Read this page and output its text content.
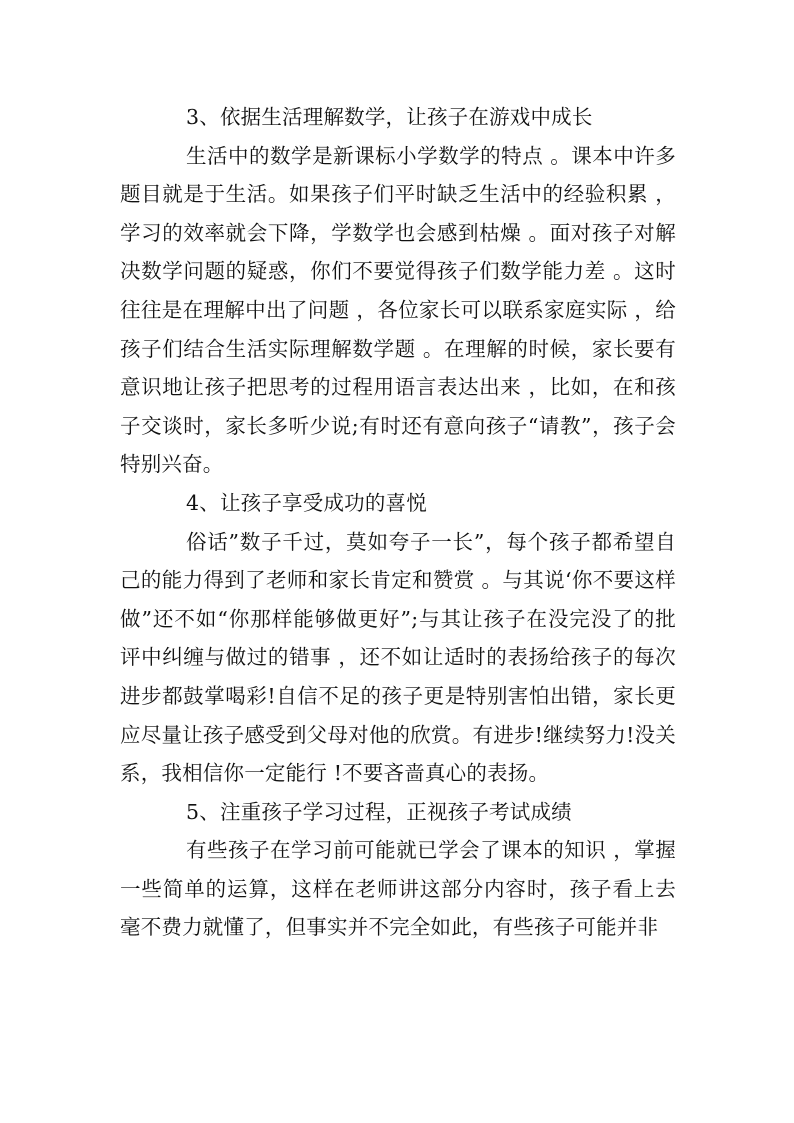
3、依据生活理解数学，让孩子在游戏中成长

生活中的数学是新课标小学数学的特点 。课本中许多题目就是于生活。如果孩子们平时缺乏生活中的经验积累 ，学习的效率就会下降，学数学也会感到枯燥 。面对孩子对解决数学问题的疑惑，你们不要觉得孩子们数学能力差 。这时往往是在理解中出了问题 ，各位家长可以联系家庭实际 ，给孩子们结合生活实际理解数学题 。在理解的时候，家长要有意识地让孩子把思考的过程用语言表达出来 ，比如，在和孩子交谈时，家长多听少说;有时还有意向孩子“请教”，孩子会特别兴奋。

4、让孩子享受成功的喜悦

俗话”数子千过，莫如夸子一长”，每个孩子都希望自己的能力得到了老师和家长肯定和赞赏 。与其说‘你不要这样做”还不如“你那样能够做更好”;与其让孩子在没完没了的批评中纠缠与做过的错事 ，还不如让适时的表扬给孩子的每次进步都鼓掌喝彩!自信不足的孩子更是特别害怕出错，家长更应尽量让孩子感受到父母对他的欣赏。有进步!继续努力!没关系，我相信你一定能行 !不要吝啬真心的表扬。

5、注重孩子学习过程，正视孩子考试成绩

有些孩子在学习前可能就已学会了课本的知识 ，掌握一些简单的运算，这样在老师讲这部分内容时，孩子看上去毫不费力就懂了，但事实并不完全如此，有些孩子可能并非
